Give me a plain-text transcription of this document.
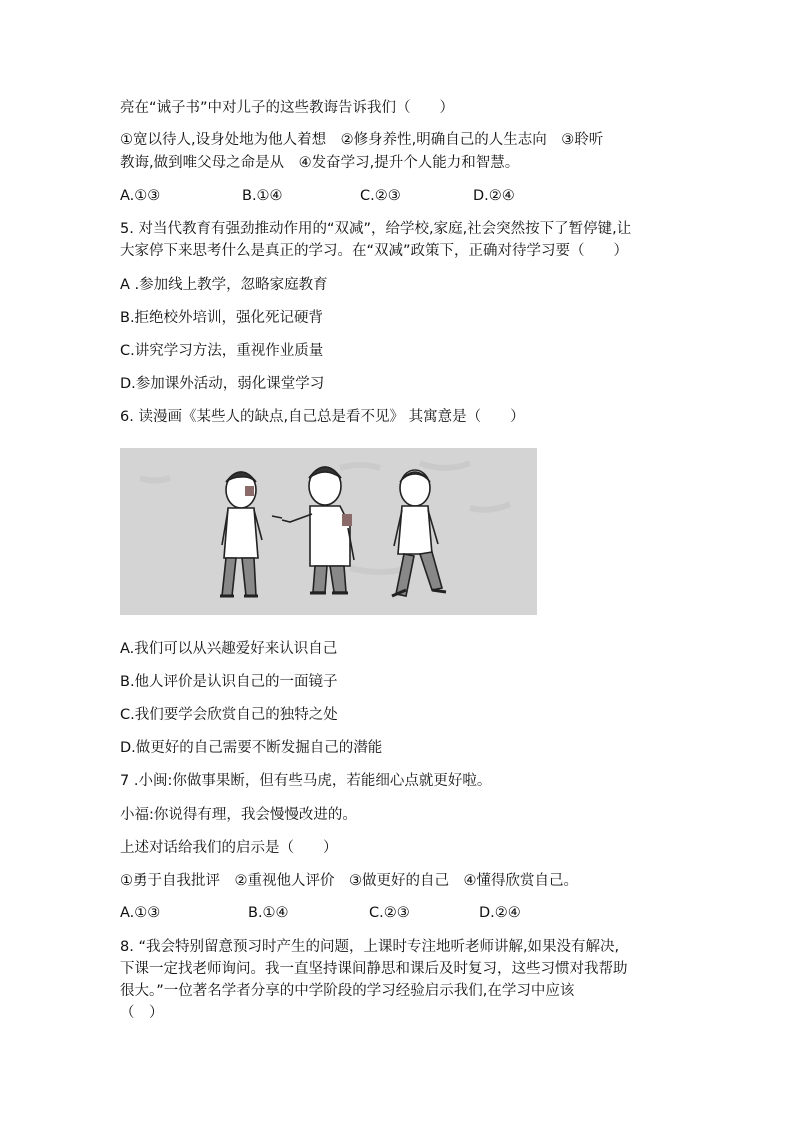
亮在“诫子书”中对儿子的这些教诲告诉我们（　　）
①宽以待人,设身处地为他人着想　②修身养性,明确自己的人生志向　③聆听
教诲,做到唯父母之命是从　④发奋学习,提升个人能力和智慧。
A.①③	B.①④	C.②③	D.②④
5. 对当代教育有强劲推动作用的“双减”，给学校,家庭,社会突然按下了暂停键,让
大家停下来思考什么是真正的学习。在“双减”政策下，正确对待学习要（　　）
A .参加线上教学，忽略家庭教育
B.拒绝校外培训，强化死记硬背
C.讲究学习方法，重视作业质量
D.参加课外活动，弱化课堂学习
6. 读漫画《某些人的缺点,自己总是看不见》 其寓意是（　　）
A.我们可以从兴趣爱好来认识自己
B.他人评价是认识自己的一面镜子
C.我们要学会欣赏自己的独特之处
D.做更好的自己需要不断发掘自己的潜能
7 .小闽:你做事果断，但有些马虎，若能细心点就更好啦。
小福:你说得有理，我会慢慢改进的。
上述对话给我们的启示是（　　）
①勇于自我批评　②重视他人评价　③做更好的自己　④懂得欣赏自己。
A.①③	B.①④	C.②③	D.②④
8. “我会特别留意预习时产生的问题，上课时专注地听老师讲解,如果没有解决,
下课一定找老师询问。我一直坚持课间静思和课后及时复习，这些习惯对我帮助
很大。”一位著名学者分享的中学阶段的学习经验启示我们,在学习中应该
（　）
